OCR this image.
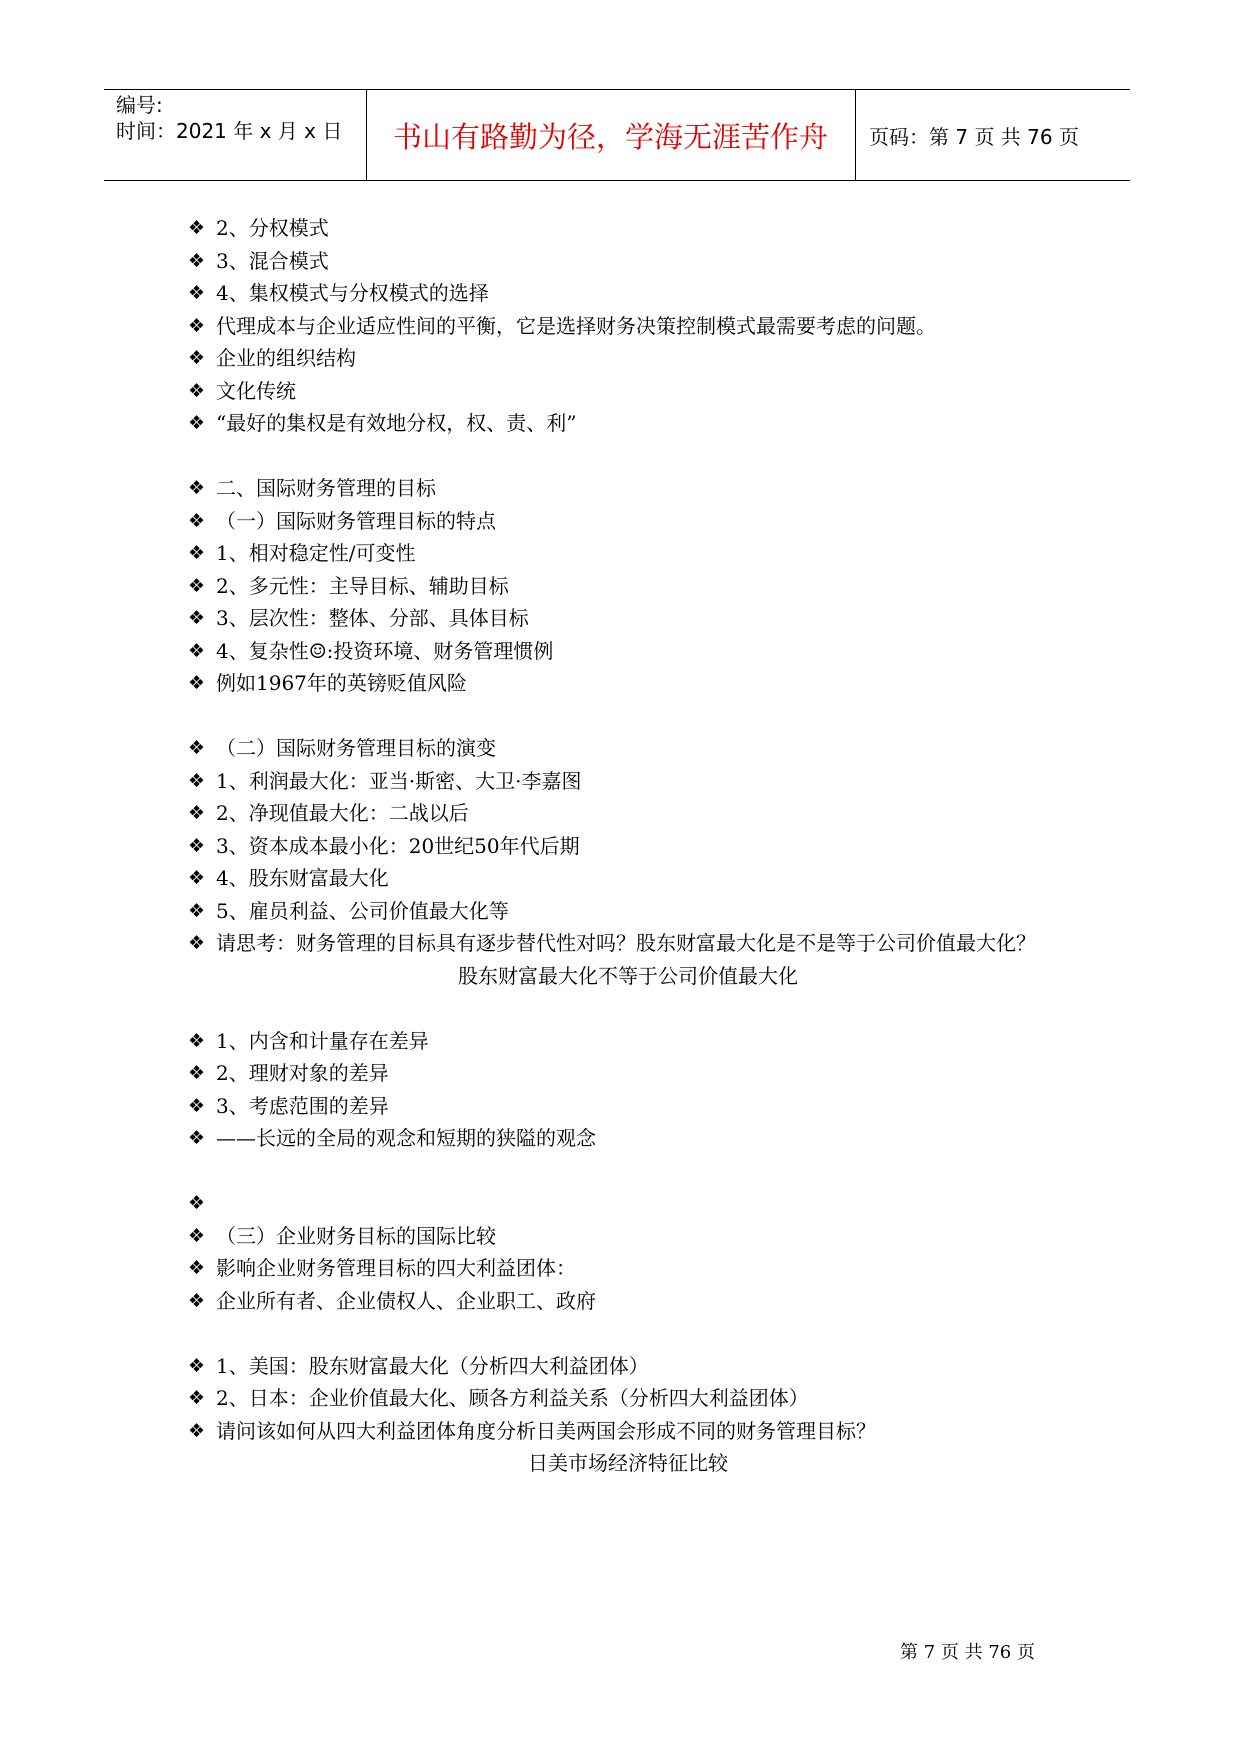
编号:
时间：2021 年 x 月 x 日	书山有路勤为径，学海无涯苦作舟	页码：第 7 页 共 76 页
❖ 2、分权模式
❖ 3、混合模式
❖ 4、集权模式与分权模式的选择
❖ 代理成本与企业适应性间的平衡，它是选择财务决策控制模式最需要考虑的问题。
❖ 企业的组织结构
❖ 文化传统
❖ “最好的集权是有效地分权，权、责、利”
❖ 二、国际财务管理的目标
❖ （一）国际财务管理目标的特点
❖ 1、相对稳定性/可变性
❖ 2、多元性：主导目标、辅助目标
❖ 3、层次性：整体、分部、具体目标
❖ 4、复杂性☺:投资环境、财务管理惯例
❖ 例如1967年的英镑贬值风险
❖ （二）国际财务管理目标的演变
❖ 1、利润最大化：亚当·斯密、大卫·李嘉图
❖ 2、净现值最大化：二战以后
❖ 3、资本成本最小化：20世纪50年代后期
❖ 4、股东财富最大化
❖ 5、雇员利益、公司价值最大化等
❖ 请思考：财务管理的目标具有逐步替代性对吗？股东财富最大化是不是等于公司价值最大化？
股东财富最大化不等于公司价值最大化
❖ 1、内含和计量存在差异
❖ 2、理财对象的差异
❖ 3、考虑范围的差异
❖ ——长远的全局的观念和短期的狭隘的观念
❖
❖ （三）企业财务目标的国际比较
❖ 影响企业财务管理目标的四大利益团体：
❖ 企业所有者、企业债权人、企业职工、政府
❖ 1、美国：股东财富最大化（分析四大利益团体）
❖ 2、日本：企业价值最大化、顾各方利益关系（分析四大利益团体）
❖ 请问该如何从四大利益团体角度分析日美两国会形成不同的财务管理目标？
日美市场经济特征比较
第 7 页 共 76 页
